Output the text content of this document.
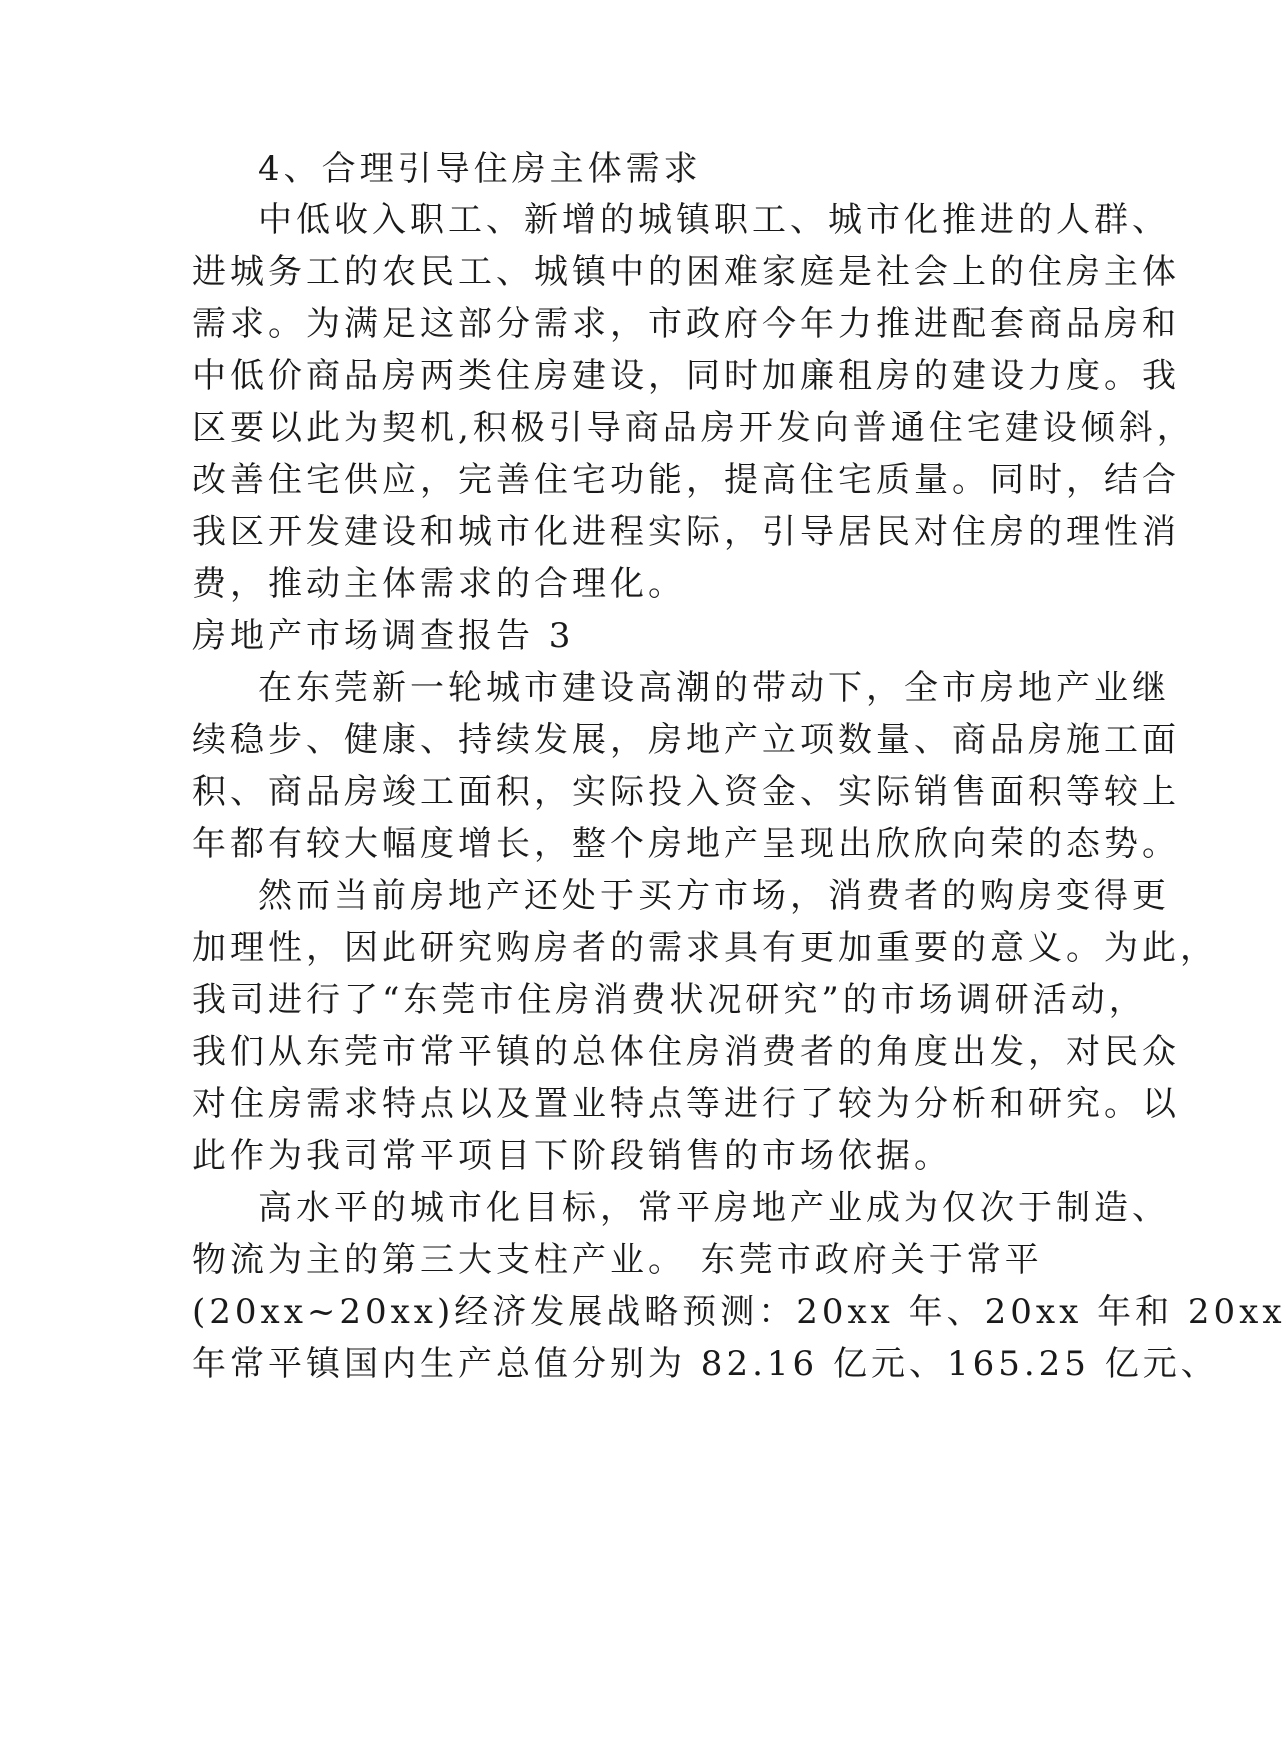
4、合理引导住房主体需求
中低收入职工、新增的城镇职工、城市化推进的人群、
进城务工的农民工、城镇中的困难家庭是社会上的住房主体
需求。为满足这部分需求，市政府今年力推进配套商品房和
中低价商品房两类住房建设，同时加廉租房的建设力度。我
区要以此为契机,积极引导商品房开发向普通住宅建设倾斜，
改善住宅供应，完善住宅功能，提高住宅质量。同时，结合
我区开发建设和城市化进程实际，引导居民对住房的理性消
费，推动主体需求的合理化。
房地产市场调查报告 3
在东莞新一轮城市建设高潮的带动下，全市房地产业继
续稳步、健康、持续发展，房地产立项数量、商品房施工面
积、商品房竣工面积，实际投入资金、实际销售面积等较上
年都有较大幅度增长，整个房地产呈现出欣欣向荣的态势。
然而当前房地产还处于买方市场，消费者的购房变得更
加理性，因此研究购房者的需求具有更加重要的意义。为此，
我司进行了“东莞市住房消费状况研究”的市场调研活动，
我们从东莞市常平镇的总体住房消费者的角度出发，对民众
对住房需求特点以及置业特点等进行了较为分析和研究。以
此作为我司常平项目下阶段销售的市场依据。
高水平的城市化目标，常平房地产业成为仅次于制造、
物流为主的第三大支柱产业。 东莞市政府关于常平
(20xx~20xx)经济发展战略预测：20xx 年、20xx 年和 20xx
年常平镇国内生产总值分别为 82.16 亿元、165.25 亿元、
